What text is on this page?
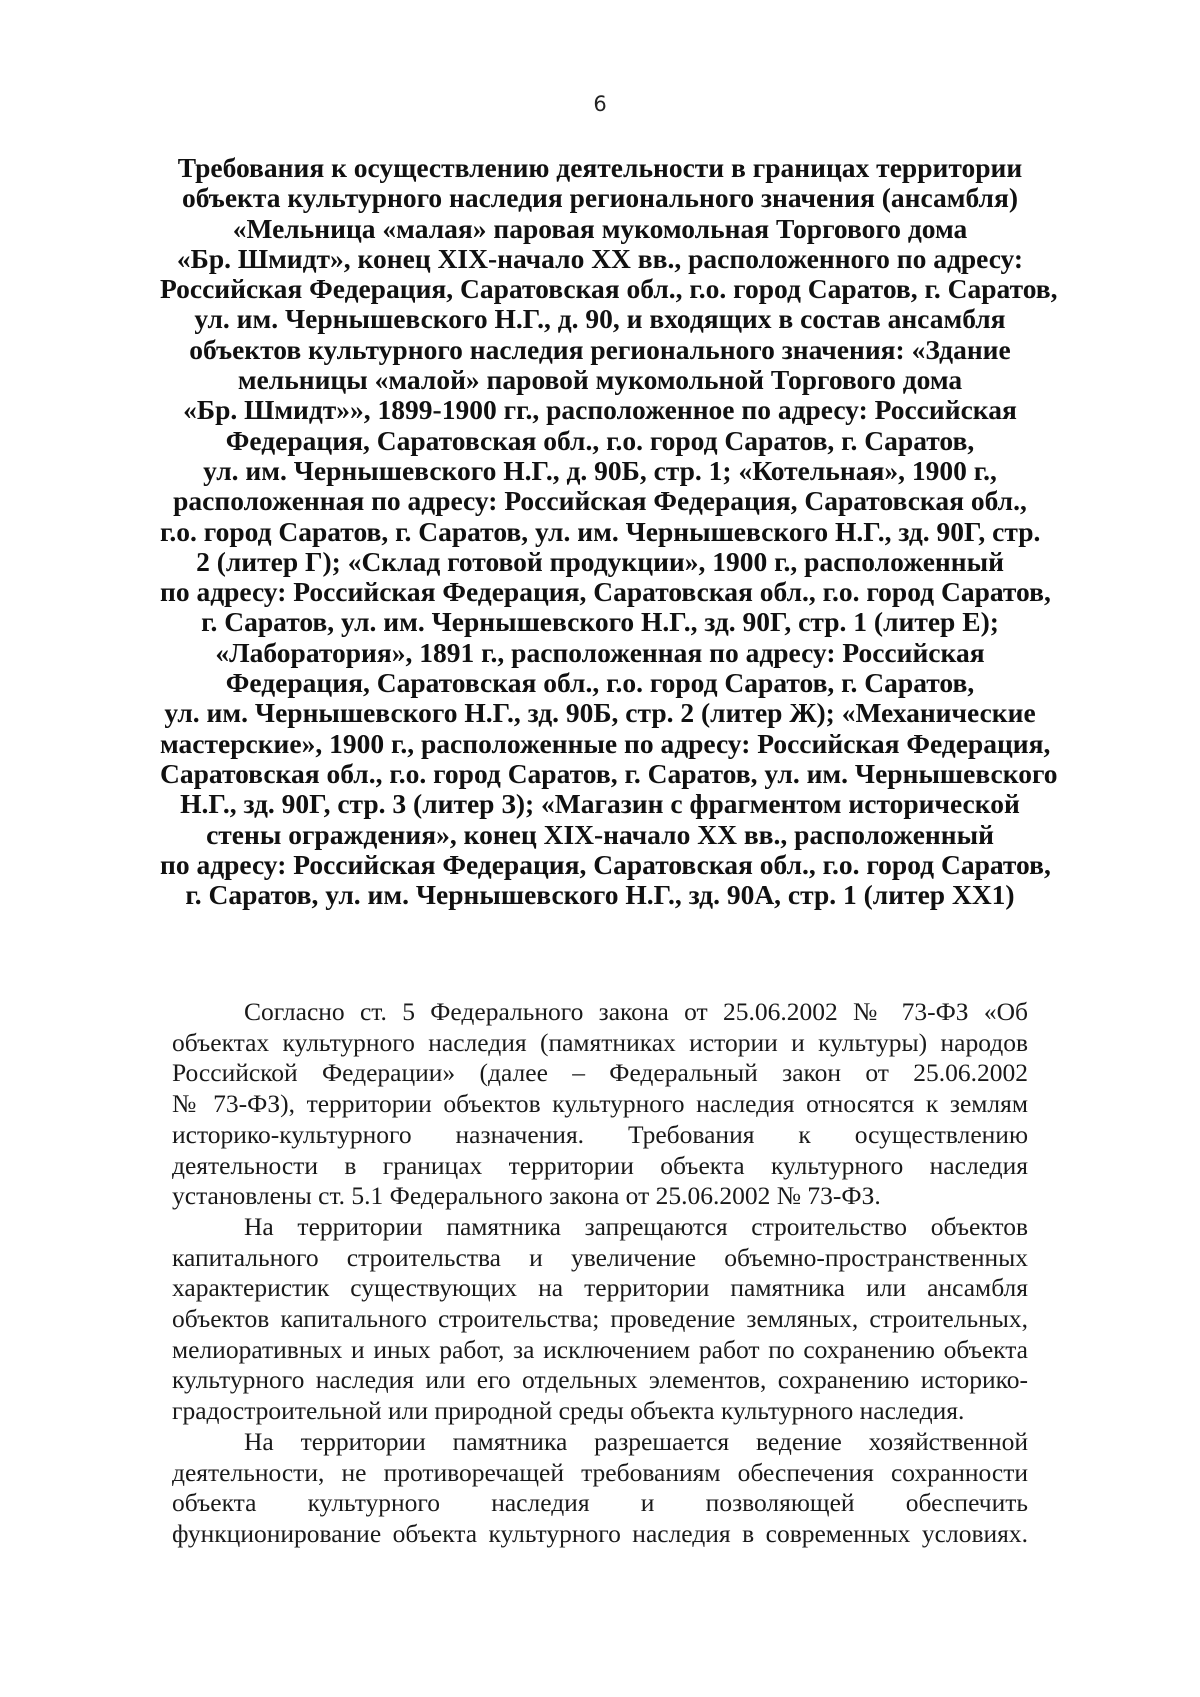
6
Требования к осуществлению деятельности в границах территории
объекта культурного наследия регионального значения (ансамбля)
«Мельница «малая» паровая мукомольная Торгового дома
«Бр. Шмидт», конец XIX-начало XX вв., расположенного по адресу:
Российская Федерация, Саратовская обл., г.о. город Саратов, г. Саратов,
ул. им. Чернышевского Н.Г., д. 90, и входящих в состав ансамбля
объектов культурного наследия регионального значения: «Здание
мельницы «малой» паровой мукомольной Торгового дома
«Бр. Шмидт»», 1899-1900 гг., расположенное по адресу: Российская
Федерация, Саратовская обл., г.о. город Саратов, г. Саратов,
ул. им. Чернышевского Н.Г., д. 90Б, стр. 1; «Котельная», 1900 г.,
расположенная по адресу: Российская Федерация, Саратовская обл.,
г.о. город Саратов, г. Саратов, ул. им. Чернышевского Н.Г., зд. 90Г, стр.
2 (литер Г); «Склад готовой продукции», 1900 г., расположенный
по адресу: Российская Федерация, Саратовская обл., г.о. город Саратов,
г. Саратов, ул. им. Чернышевского Н.Г., зд. 90Г, стр. 1 (литер Е);
«Лаборатория», 1891 г., расположенная по адресу: Российская
Федерация, Саратовская обл., г.о. город Саратов, г. Саратов,
ул. им. Чернышевского Н.Г., зд. 90Б, стр. 2 (литер Ж); «Механические
мастерские», 1900 г., расположенные по адресу: Российская Федерация,
Саратовская обл., г.о. город Саратов, г. Саратов, ул. им. Чернышевского
Н.Г., зд. 90Г, стр. 3 (литер З); «Магазин с фрагментом исторической
стены ограждения», конец XIX-начало XX вв., расположенный
по адресу: Российская Федерация, Саратовская обл., г.о. город Саратов,
г. Саратов, ул. им. Чернышевского Н.Г., зд. 90А, стр. 1 (литер XX1)

Согласно ст. 5 Федерального закона от 25.06.2002 № 73-ФЗ «Об
объектах культурного наследия (памятниках истории и культуры) народов
Российской Федерации» (далее – Федеральный закон от 25.06.2002
№ 73-ФЗ), территории объектов культурного наследия относятся к землям
историко-культурного назначения. Требования к осуществлению
деятельности в границах территории объекта культурного наследия
установлены ст. 5.1 Федерального закона от 25.06.2002 № 73-ФЗ.

На территории памятника запрещаются строительство объектов
капитального строительства и увеличение объемно-пространственных
характеристик существующих на территории памятника или ансамбля
объектов капитального строительства; проведение земляных, строительных,
мелиоративных и иных работ, за исключением работ по сохранению объекта
культурного наследия или его отдельных элементов, сохранению историко-
градостроительной или природной среды объекта культурного наследия.

На территории памятника разрешается ведение хозяйственной
деятельности, не противоречащей требованиям обеспечения сохранности
объекта культурного наследия и позволяющей обеспечить
функционирование объекта культурного наследия в современных условиях.
